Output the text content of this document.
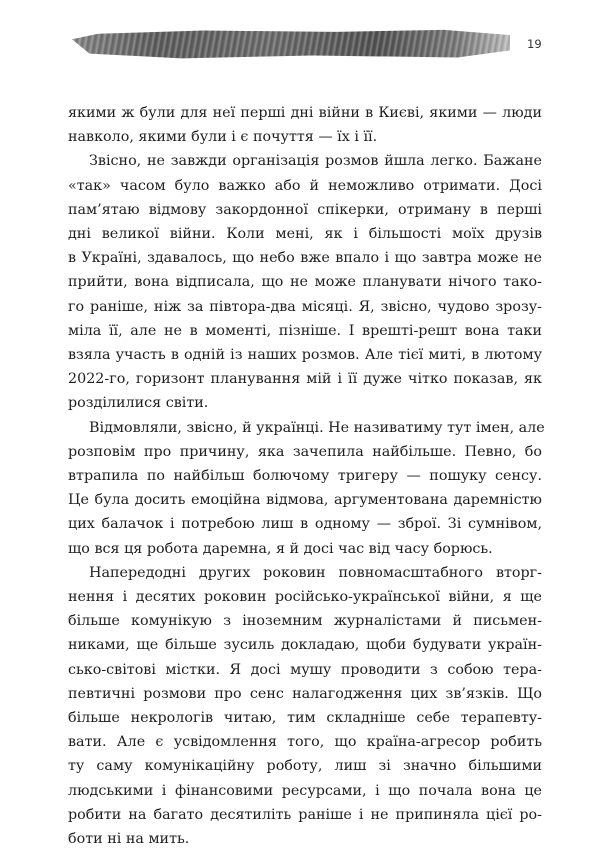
19
якими ж були для неї перші дні війни в Києві, якими — люди
навколо, якими були і є почуття — їх і її.
Звісно, не завжди організація розмов йшла легко. Бажане
«так» часом було важко або й неможливо отримати. Досі
пам’ятаю відмову закордонної спікерки, отриману в перші
дні великої війни. Коли мені, як і більшості моїх друзів
в Україні, здавалось, що небо вже впало і що завтра може не
прийти, вона відписала, що не може планувати нічого тако-
го раніше, ніж за півтора-два місяці. Я, звісно, чудово зрозу-
міла її, але не в моменті, пізніше. І врешті-решт вона таки
взяла участь в одній із наших розмов. Але тієї миті, в лютому
2022-го, горизонт планування мій і її дуже чітко показав, як
розділилися світи.
Відмовляли, звісно, й українці. Не називатиму тут імен, але
розповім про причину, яка зачепила найбільше. Певно, бо
втрапила по найбільш болючому тригеру — пошуку сенсу.
Це була досить емоційна відмова, аргументована даремністю
цих балачок і потребою лиш в одному — зброї. Зі сумнівом,
що вся ця робота даремна, я й досі час від часу борюсь.
Напередодні других роковин повномасштабного вторг-
нення і десятих роковин російсько-української війни, я ще
більше комунікую з іноземним журналістами й письмен-
никами, ще більше зусиль докладаю, щоби будувати україн-
сько-світові містки. Я досі мушу проводити з собою тера-
певтичні розмови про сенс налагодження цих зв’язків. Що
більше некрологів читаю, тим складніше себе терапевту-
вати. Але є усвідомлення того, що країна-агресор робить
ту саму комунікаційну роботу, лиш зі значно більшими
людськими і фінансовими ресурсами, і що почала вона це
робити на багато десятиліть раніше і не припиняла цієї ро-
боти ні на мить.
